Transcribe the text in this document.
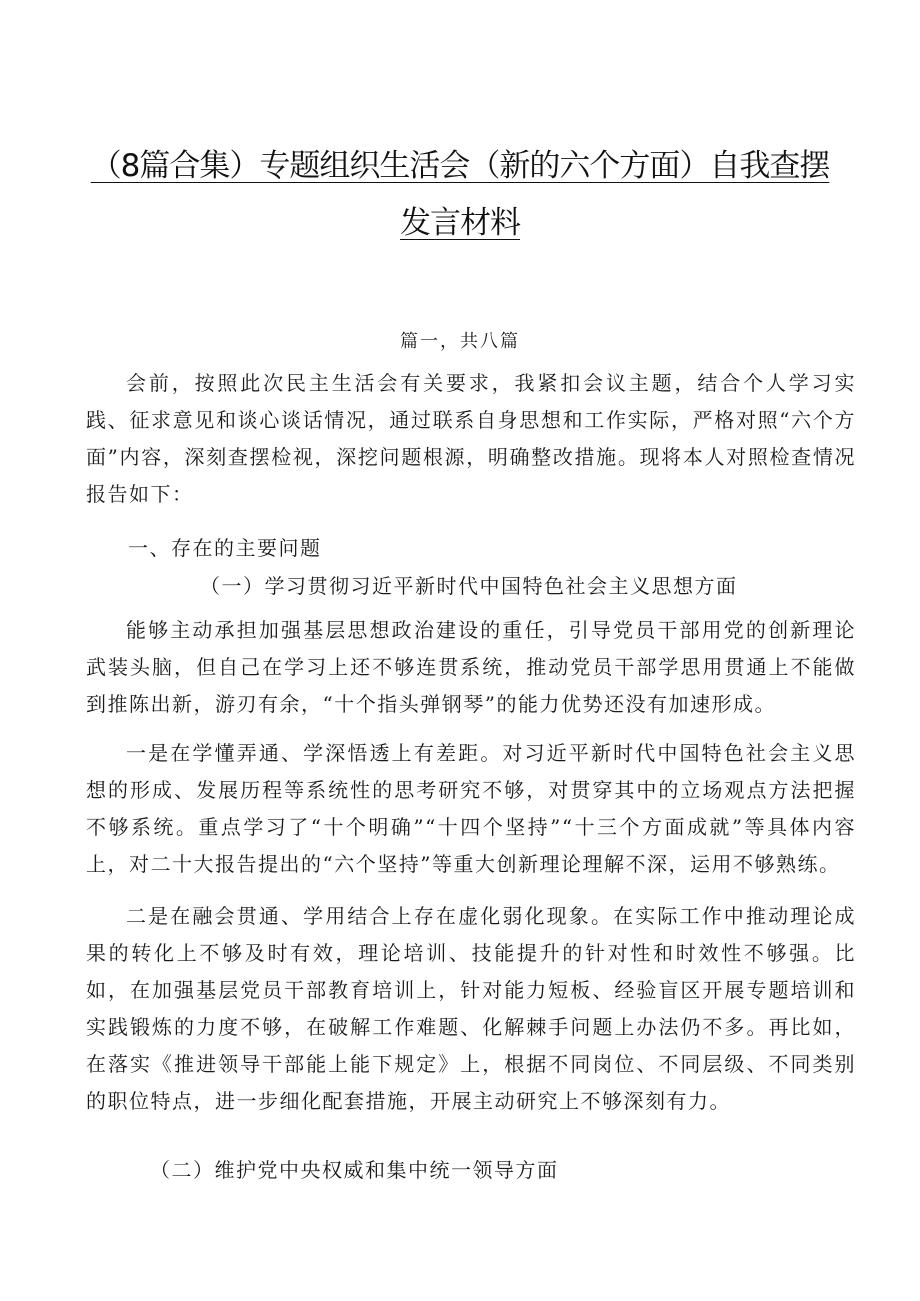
（8篇合集）专题组织生活会（新的六个方面）自我查摆
发言材料
篇一，共八篇

会前，按照此次民主生活会有关要求，我紧扣会议主题，结合个人学习实践、征求意见和谈心谈话情况，通过联系自身思想和工作实际，严格对照“六个方面”内容，深刻查摆检视，深挖问题根源，明确整改措施。现将本人对照检查情况报告如下：

一、存在的主要问题

（一）学习贯彻习近平新时代中国特色社会主义思想方面

能够主动承担加强基层思想政治建设的重任，引导党员干部用党的创新理论武装头脑，但自己在学习上还不够连贯系统，推动党员干部学思用贯通上不能做到推陈出新，游刃有余，“十个指头弹钢琴”的能力优势还没有加速形成。

一是在学懂弄通、学深悟透上有差距。对习近平新时代中国特色社会主义思想的形成、发展历程等系统性的思考研究不够，对贯穿其中的立场观点方法把握不够系统。重点学习了“十个明确”“十四个坚持”“十三个方面成就”等具体内容上，对二十大报告提出的“六个坚持”等重大创新理论理解不深，运用不够熟练。

二是在融会贯通、学用结合上存在虚化弱化现象。在实际工作中推动理论成果的转化上不够及时有效，理论培训、技能提升的针对性和时效性不够强。比如，在加强基层党员干部教育培训上，针对能力短板、经验盲区开展专题培训和实践锻炼的力度不够，在破解工作难题、化解棘手问题上办法仍不多。再比如，在落实《推进领导干部能上能下规定》上，根据不同岗位、不同层级、不同类别的职位特点，进一步细化配套措施，开展主动研究上不够深刻有力。

（二）维护党中央权威和集中统一领导方面
